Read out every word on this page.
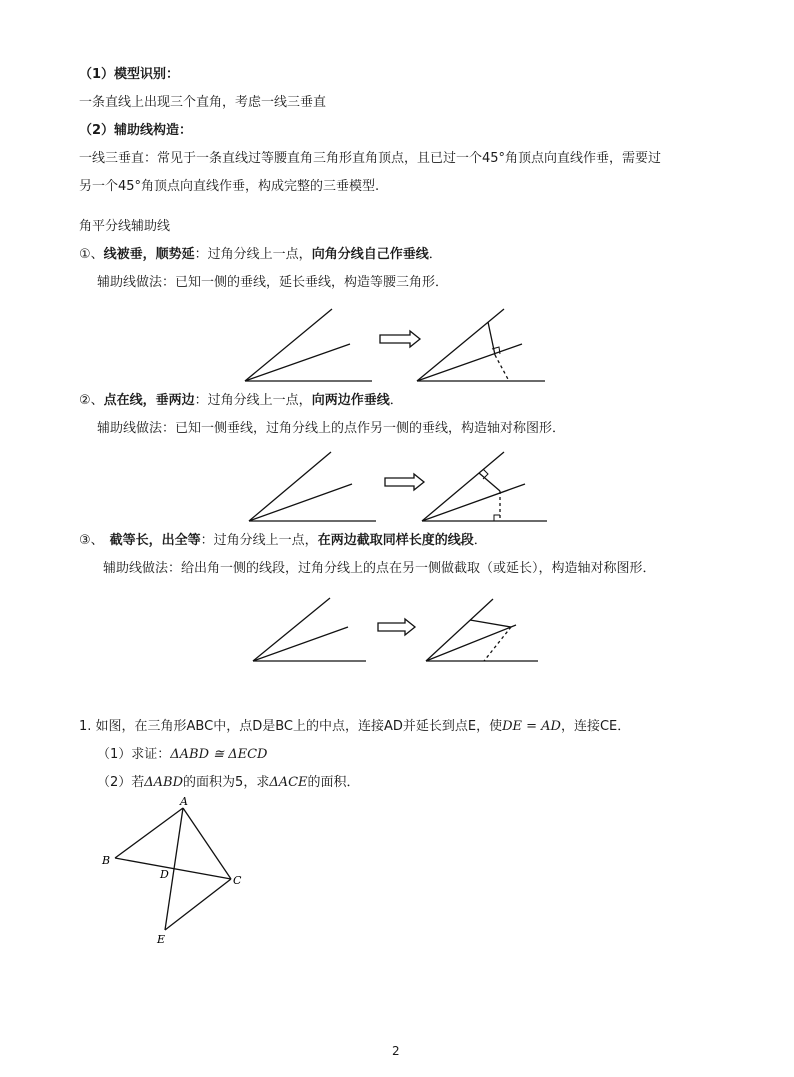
（1）模型识别：
一条直线上出现三个直角，考虑一线三垂直
（2）辅助线构造：
一线三垂直：常见于一条直线过等腰直角三角形直角顶点，且已过一个45°角顶点向直线作垂，需要过
另一个45°角顶点向直线作垂，构成完整的三垂模型.
角平分线辅助线
①、线被垂，顺势延：过角分线上一点，向角分线自己作垂线．
辅助线做法：已知一侧的垂线，延长垂线，构造等腰三角形．
②、点在线，垂两边：过角分线上一点，向两边作垂线．
辅助线做法：已知一侧垂线，过角分线上的点作另一侧的垂线，构造轴对称图形．
③、 截等长，出全等：过角分线上一点，在两边截取同样长度的线段．
辅助线做法：给出角一侧的线段，过角分线上的点在另一侧做截取（或延长），构造轴对称图形．
1. 如图，在三角形ABC中，点D是BC上的中点，连接AD并延长到点E，使DE = AD，连接CE．
（1）求证：ΔABD ≅ ΔECD
（2）若ΔABD的面积为5，求ΔACE的面积．
A
B
C
D
E
2
